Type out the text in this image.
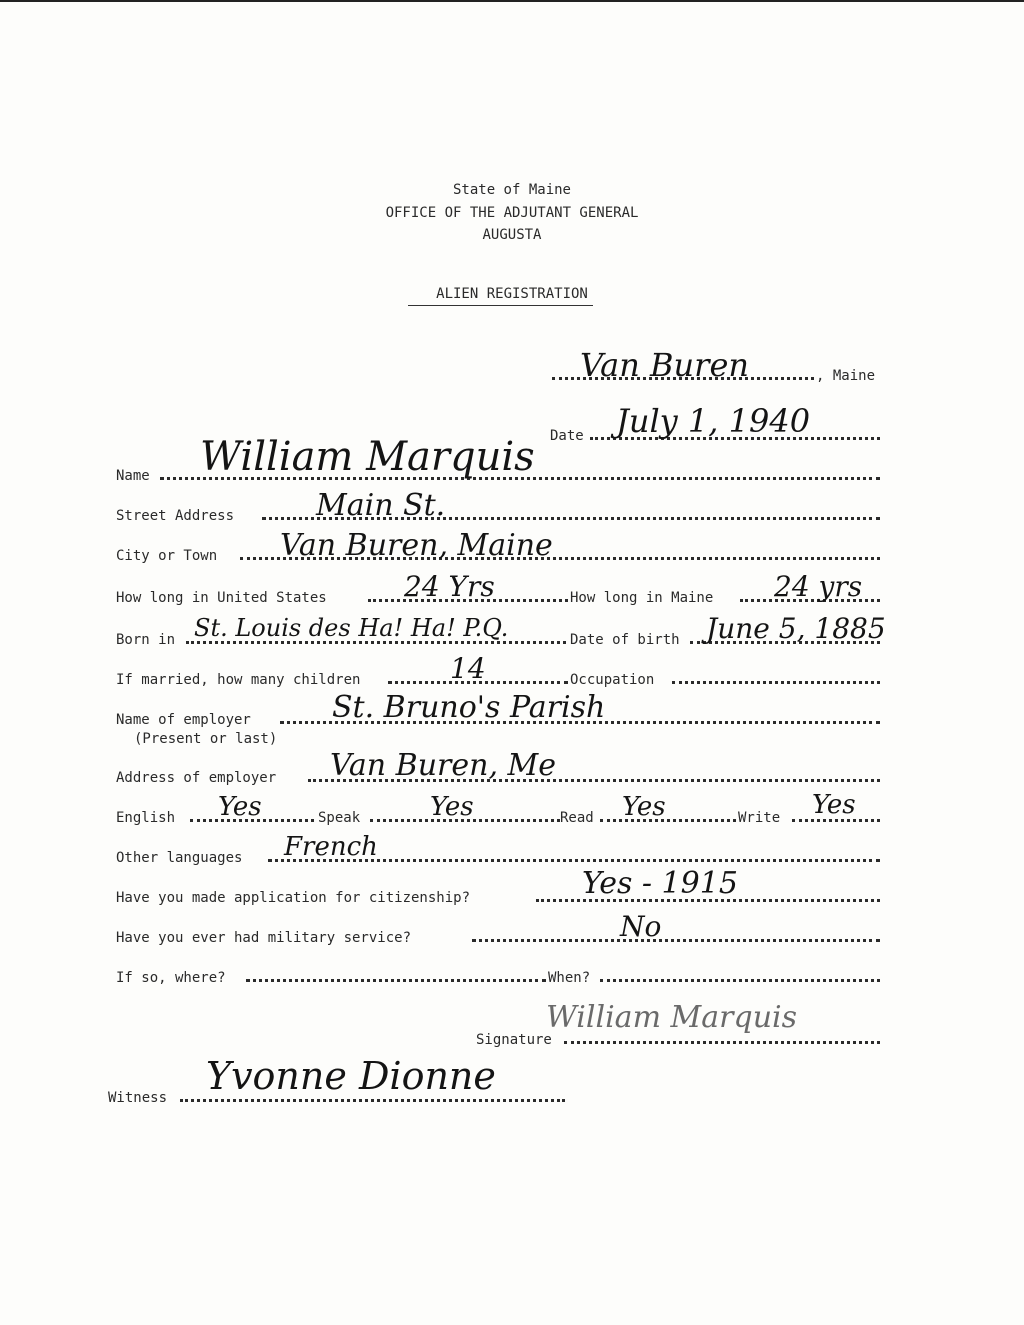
State of Maine
OFFICE OF THE ADJUTANT GENERAL
AUGUSTA
ALIEN REGISTRATION
Van Buren	, Maine
Date July 1, 1940
Name William Marquis
Street Address	Main St.
City or Town Van Buren, Maine
How long in United States	24 Yrs	How long in Maine 24 yrs
Born in St. Louis des Ha! Ha! P.Q.	Date of birth June 5, 1885
If married, how many children	14	Occupation
Name of employer
(Present or last)
St. Bruno's Parish
Address of employer Van Buren, Me
English Yes	Speak	Yes	Read Yes	Write Yes
Other languages French
Have you made application for citizenship?	Yes - 1915
Have you ever had military service?	No
If so, where?	When?
Signature
William Marquis
Witness Yvonne Dionne
